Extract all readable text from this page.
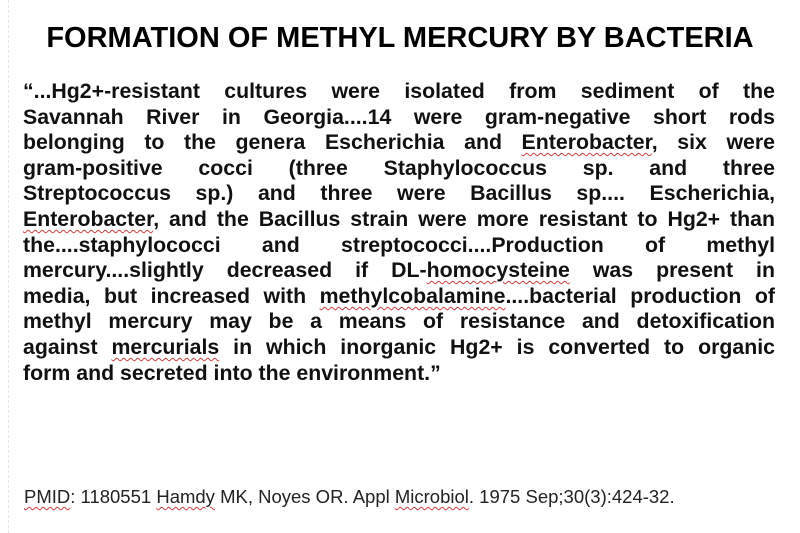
FORMATION OF METHYL MERCURY BY BACTERIA
“...Hg2+-resistant cultures were isolated from sediment of the
Savannah River in Georgia....14 were gram-negative short rods
belonging to the genera Escherichia and Enterobacter, six were
gram-positive cocci (three Staphylococcus sp. and three
Streptococcus sp.) and three were Bacillus sp.... Escherichia,
Enterobacter, and the Bacillus strain were more resistant to Hg2+ than
the....staphylococci and streptococci....Production of methyl
mercury....slightly decreased if DL-homocysteine was present in
media, but increased with methylcobalamine....bacterial production of
methyl mercury may be a means of resistance and detoxification
against mercurials in which inorganic Hg2+ is converted to organic
form and secreted into the environment.”
PMID: 1180551 Hamdy MK, Noyes OR. Appl Microbiol. 1975 Sep;30(3):424-32.
